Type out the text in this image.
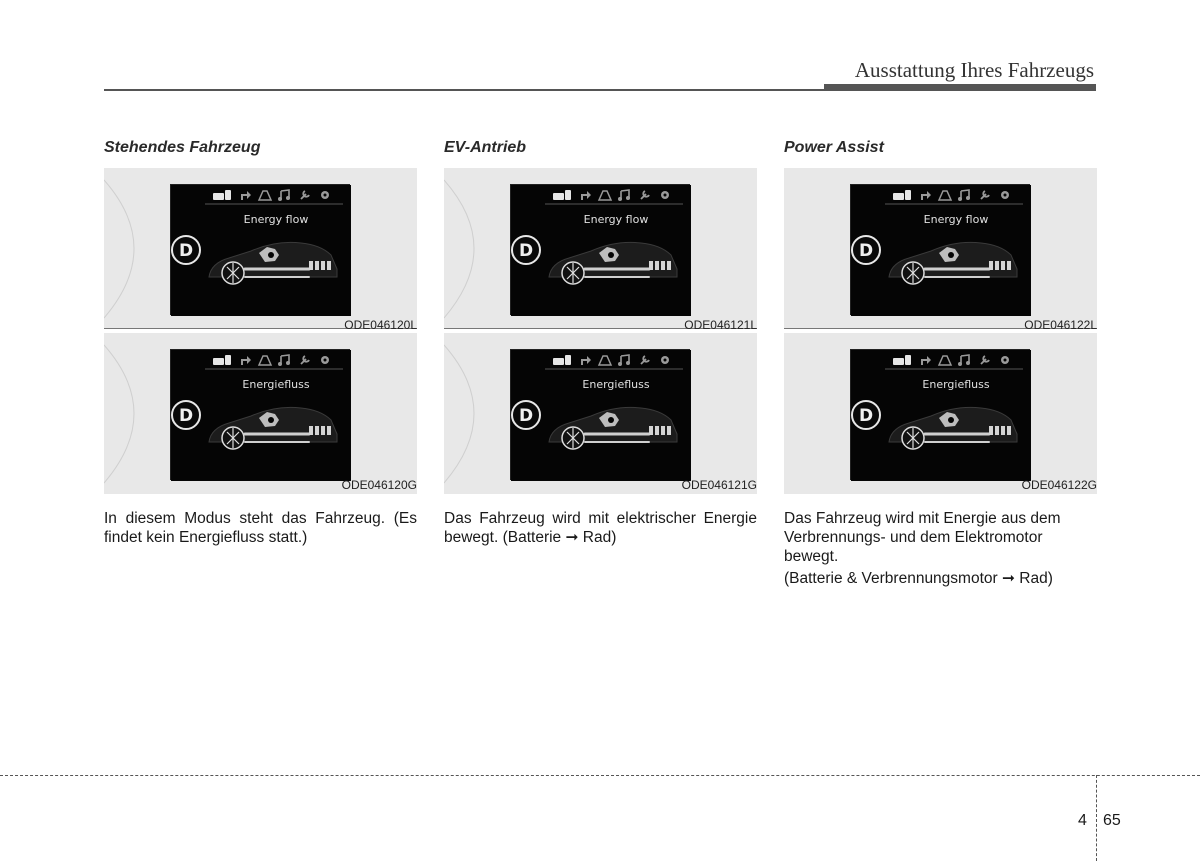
Ausstattung Ihres Fahrzeugs
Stehendes Fahrzeug
Energy flow
D
ODE046120L
Energiefluss
D
ODE046120G

In diesem Modus steht das Fahrzeug. (Es findet kein Energiefluss statt.)

EV-Antrieb
Energy flow
D
ODE046121L
Energiefluss
D
ODE046121G

Das Fahrzeug wird mit elektrischer Energie bewegt. (Batterie ➞ Rad)

Power Assist
Energy flow
D
ODE046122L
Energiefluss
D
ODE046122G

Das Fahrzeug wird mit Energie aus dem Verbrennungs- und dem Elektromotor bewegt.

(Batterie & Verbrennungsmotor ➞ Rad)

4 65
